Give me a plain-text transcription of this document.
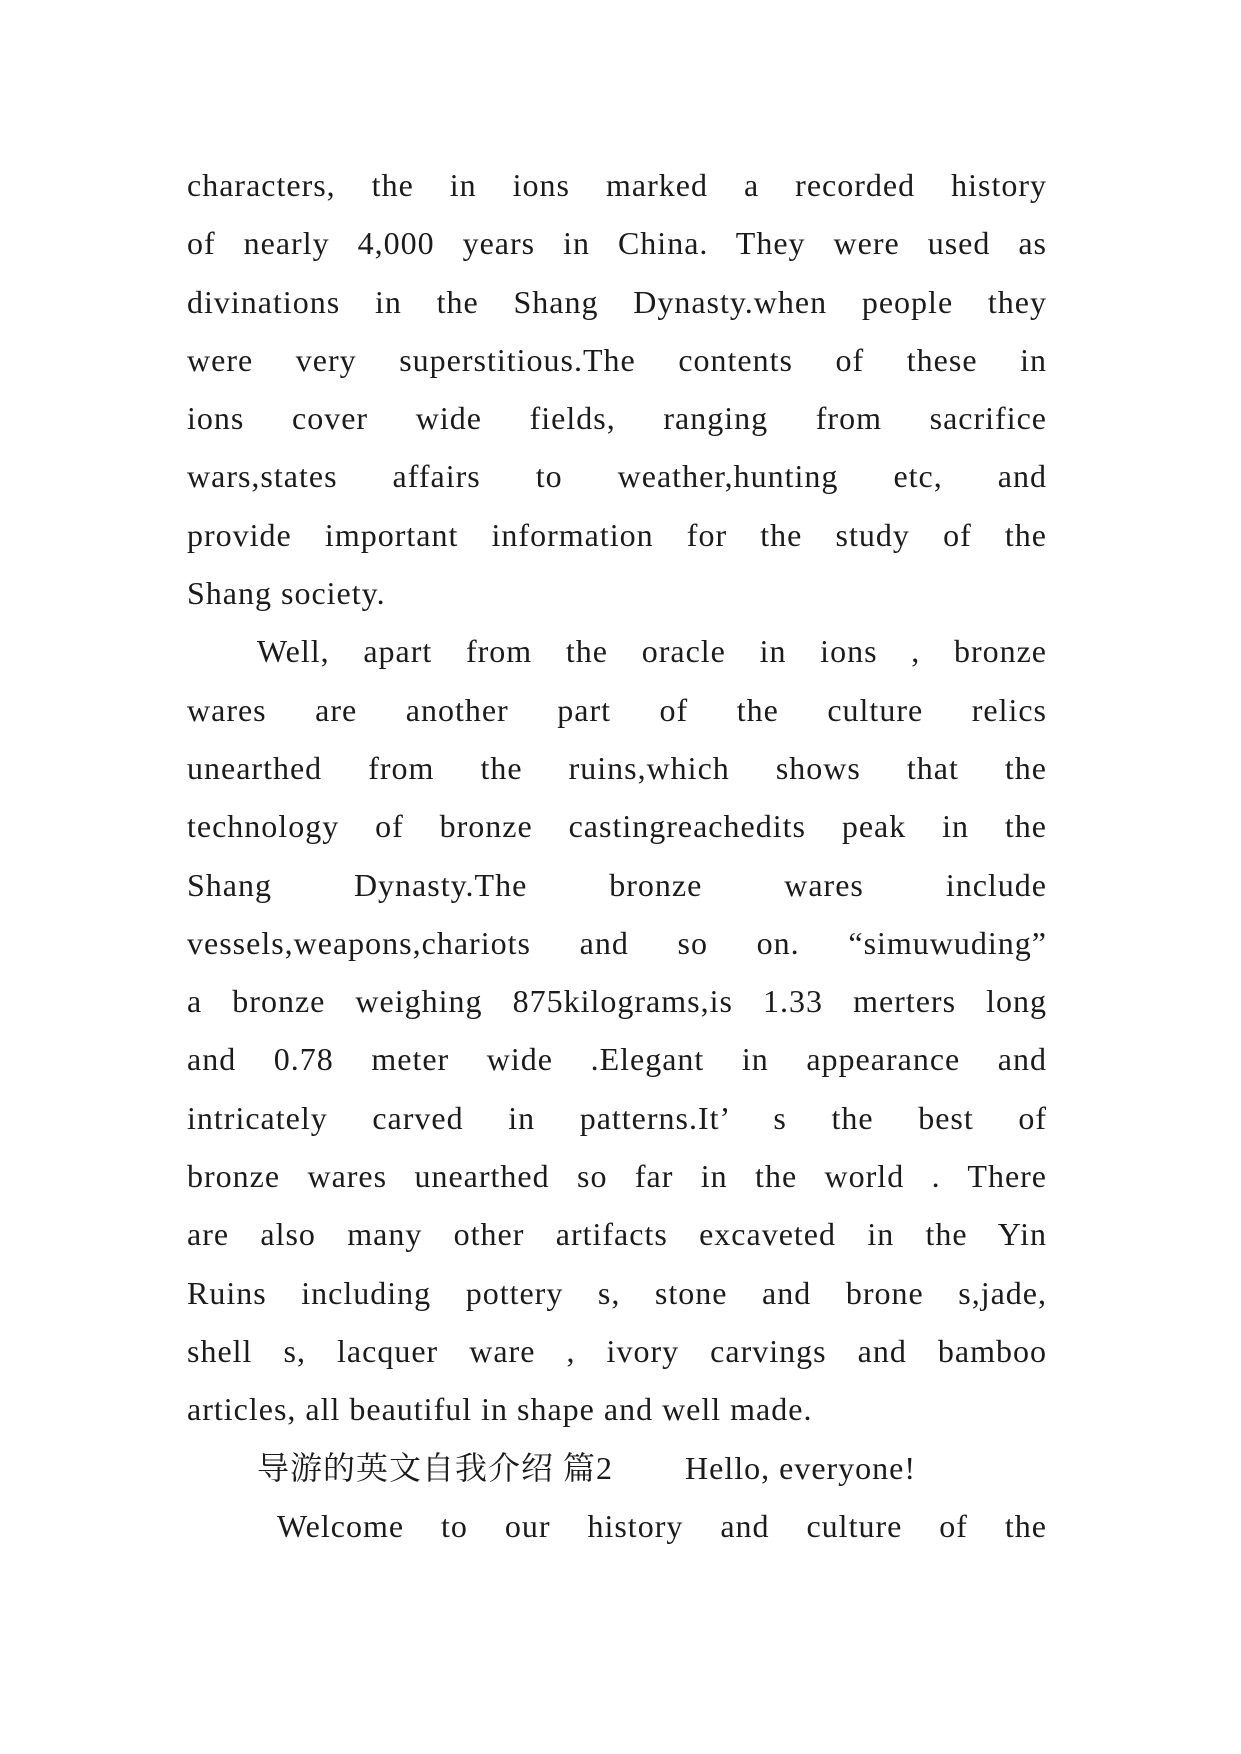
characters, the in ions marked a recorded history
of nearly 4,000 years in China. They were used as
divinations in the Shang Dynasty.when people they
were very superstitious.The contents of these in
ions cover wide fields, ranging from sacrifice
wars,states affairs to weather,hunting etc, and
provide important information for the study of the
Shang society.
Well, apart from the oracle in ions , bronze
wares are another part of the culture relics
unearthed from the ruins,which shows that the
technology of bronze castingreachedits peak in the
Shang Dynasty.The bronze wares include
vessels,weapons,chariots and so on. “simuwuding”
a bronze weighing 875kilograms,is 1.33 merters long
and 0.78 meter wide .Elegant in appearance and
intricately carved in patterns.It’ s the best of
bronze wares unearthed so far in the world . There
are also many other artifacts excaveted in the Yin
Ruins including pottery s, stone and brone s,jade,
shell s, lacquer ware , ivory carvings and bamboo
articles, all beautiful in shape and well made.
导游的英文自我介绍 篇2 Hello, everyone!
Welcome to our history and culture of the
